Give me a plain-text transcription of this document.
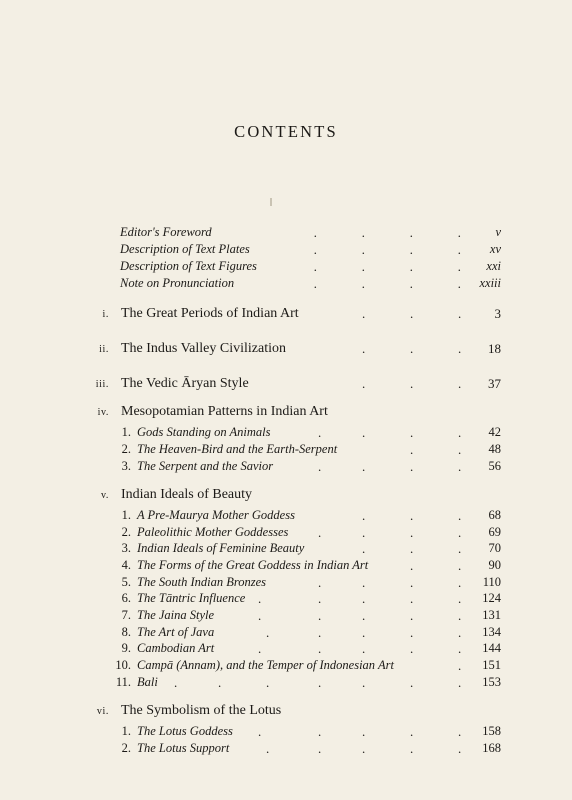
CONTENTS
Editor's Foreword	.	.	.	.	v
Description of Text Plates	.	.	.	. xv
Description of Text Figures	.	.	.	. xxi
Note on Pronunciation	.	.	.	. xxiii
i. The Great Periods of Indian Art	.	.	.	3
ii. The Indus Valley Civilization	.	.	. 18
iii. The Vedic Āryan Style	.	.	. 37
iv. Mesopotamian Patterns in Indian Art
1. Gods Standing on Animals	.	.	.	. 42
2. The Heaven-Bird and the Earth-Serpent	.	. 48
3. The Serpent and the Savior	.	.	.	. 56
v. Indian Ideals of Beauty
1. A Pre-Maurya Mother Goddess	.	.	. 68
2. Paleolithic Mother Goddesses .	.	.	. 69
3. Indian Ideals of Feminine Beauty	.	.	. 70
4. The Forms of the Great Goddess in Indian Art	.	. 90
5. The South Indian Bronzes	.	.	.	. 110
6. The Tāntric Influence .	.	.	.	. 124
7. The Jaina Style	.	.	.	.	. 131
8. The Art of Java	.	.	.	.	. 134
9. Cambodian Art	.	.	.	.	. 144
10. Campā (Annam), and the Temper of Indonesian Art	. 151
11. Bali .	.	.	.	.	.	. 153
vi. The Symbolism of the Lotus
1. The Lotus Goddess .	.	.	.	. 158
2. The Lotus Support	.	.	.	.	. 168
